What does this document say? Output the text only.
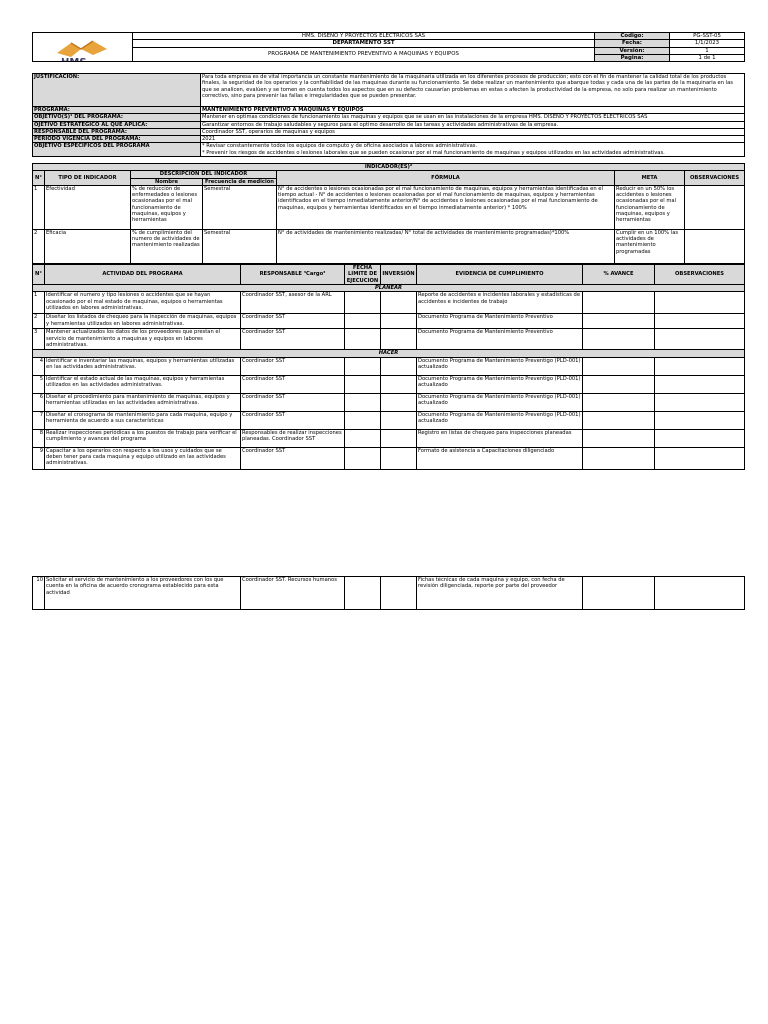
HMS.	HMS. DISEÑO Y PROYECTOS ELECTRICOS SAS	Codigo:	PG-SST-05
	DEPARTAMENTO SST	Fecha:	1/1/2023
	PROGRAMA DE MANTENIMIENTO PREVENTIVO A MAQUINAS Y EQUIPOS	Versión:	1
		Pagina:	1 de 1
JUSTIFICACION:	Para toda empresa es de vital importancia un constante mantenimiento de la maquinaria utilizada en los diferentes procesos de producción; esto con el fin de mantener la calidad total de los productos finales, la seguridad de los operarios y la confiabilidad de las maquinas durante su funcionamiento. Se debe realizar un mantenimiento que abarque todas y cada una de las partes de la maquinaria en las que se analicen, evalúen y se tomen en cuenta todos los aspectos que en su defecto causarían problemas en estas o afecten la productividad de la empresa, no solo para realizar un mantenimiento correctivo, sino para prevenir las fallas e irregularidades que se pueden presentar.
PROGRAMA:	MANTENIMIENTO PREVENTIVO A MAQUINAS Y EQUIPOS
OBJETIVO(S)¹ DEL PROGRAMA:	Mantener en optimas condiciones de funcionamiento las maquinas y equipos que se usan en las instalaciones de la empresa HMS. DISEÑO Y PROYECTOS ELECTRICOS SAS
OJETIVO ESTRATEGICO AL QUE APLICA:	Garantizar entornos de trabajo saludables y seguros para el optimo desarrollo de las tareas y actividades administrativas de la empresa.
RESPONSABLE DEL PROGRAMA:	Coordinador SST, operarios de maquinas y equipos
PERIODO VIGENCIA DEL PROGRAMA:	2021
OBJETIVO ESPECIFICOS DEL PROGRAMA	* Revisar constantemente todos los equipos de computo y de oficina asociados a labores administrativas.
* Prevenir los riesgos de accidentes o lesiones laborales que se pueden ocasionar por el mal funcionamiento de maquinas y equipos utilizados en las actividades administrativas.
INDICADOR(ES)²						
N°	TIPO DE INDICADOR	DESCRIPCION DEL INDICADOR		FÓRMULA	META	OBSERVACIONES
		Nombre	Frecuencia de medición			
1	Efectividad	% de reducción de enfermedades o lesiones ocasionadas por el mal funcionamiento de maquinas, equipos y herramientas	Semestral	N° de accidentes o lesiones ocasionadas por el mal funcionamiento de maquinas, equipos y herramientas identificadas en el tiempo actual - N° de accidentes o lesiones ocasionadas por el mal funcionamiento de maquinas, equipos y herramientas identificados en el tiempo inmediatamente anterior/N° de accidentes o lesiones ocasionadas por el mal funcionamiento de maquinas, equipos y herramientas identificados en el tiempo inmediatamente anterior) * 100%	Reducir en un 50% los accidentes o lesiones ocasionadas por el mal funcionamiento de maquinas, equipos y herramientas	
2	Eficacia	% de cumplimiento del numero de actividades de mantenimiento realizadas	Semestral	N° de actividades de mantenimiento realizadas/ N° total de actividades de mantenimiento programadas)*100%	Cumplir en un 100% las actividades de mantenimiento programadas	
N°	ACTIVIDAD DEL PROGRAMA	RESPONSABLE ³Cargo³	FECHA LIMITE DE EJECUCION	INVERSIÓN	EVIDENCIA DE CUMPLIMIENTO	% AVANCE	OBSERVACIONES
PLANEAR							
1	Identificar el numero y tipo lesiones o accidentes que se hayan ocasionado por el mal estado de maquinas, equipos o herramientas utilizados en labores administrativas.	Coordinador SST, asesor de la ARL			Reporte de accidentes e incidentes laborales y estadísticas de accidentes e incidentes de trabajo		
2	Diseñar los listados de chequeo para la inspección de maquinas, equipos y herramientas utilizados en labores administrativas.	Coordinador SST			Documento Programa de Mantenimiento Preventivo		
3	Mantener actualizados los datos de los proveedores que prestan el servicio de mantenimiento a maquinas y equipos en labores administrativas.	Coordinador SST			Documento Programa de Mantenimiento Preventivo		
HACER							
4	Identificar e inventariar las maquinas, equipos y herramientas utilizadas en las actividades administrativas.	Coordinador SST			Documento Programa de Mantenimiento Preventigo (PLD-001) actualizado		
5	Identificar el estado actual de las maquinas, equipos y herramientas utilizados en las actividades administrativas.	Coordinador SST			Documento Programa de Mantenimiento Preventigo (PLD-001) actualizado		
6	Diseñar el procedimiento para mantenimiento de maquinas, equipos y herramientas utilizadas en las actividades administrativas.	Coordinador SST			Documento Programa de Mantenimiento Preventigo (PLD-001) actualizado		
7	Diseñar el cronograma de mantenimiento para cada maquina, equipo y herramienta de acuerdo a sus características	Coordinador SST			Documento Programa de Mantenimiento Preventigo (PLD-001) actualizado		
8	Realizar inspecciones periódicas a los puestos de trabajo para verificar el cumplimiento y avances del programa	Responsables de realizar inspecciones planeadas. Coordinador SST			Registro en listas de chequeo para inspecciones planeadas		
9	Capacitar a los operarios con respecto a los usos y cuidados que se deben tener para cada maquina y equipo utilizado en las actividades administrativas.	Coordinador SST			Formato de asistencia a Capacitaciones diligenciado		
10	Solicitar el servicio de mantenimiento a los proveedores con los que cuenta en la oficina de acuerdo cronograma establecido para esta actividad	Coordinador SST. Recursos humanos			Fichas técnicas de cada maquina y equipo, con fecha de revisión diligenciada, reporte por parte del proveedor		
